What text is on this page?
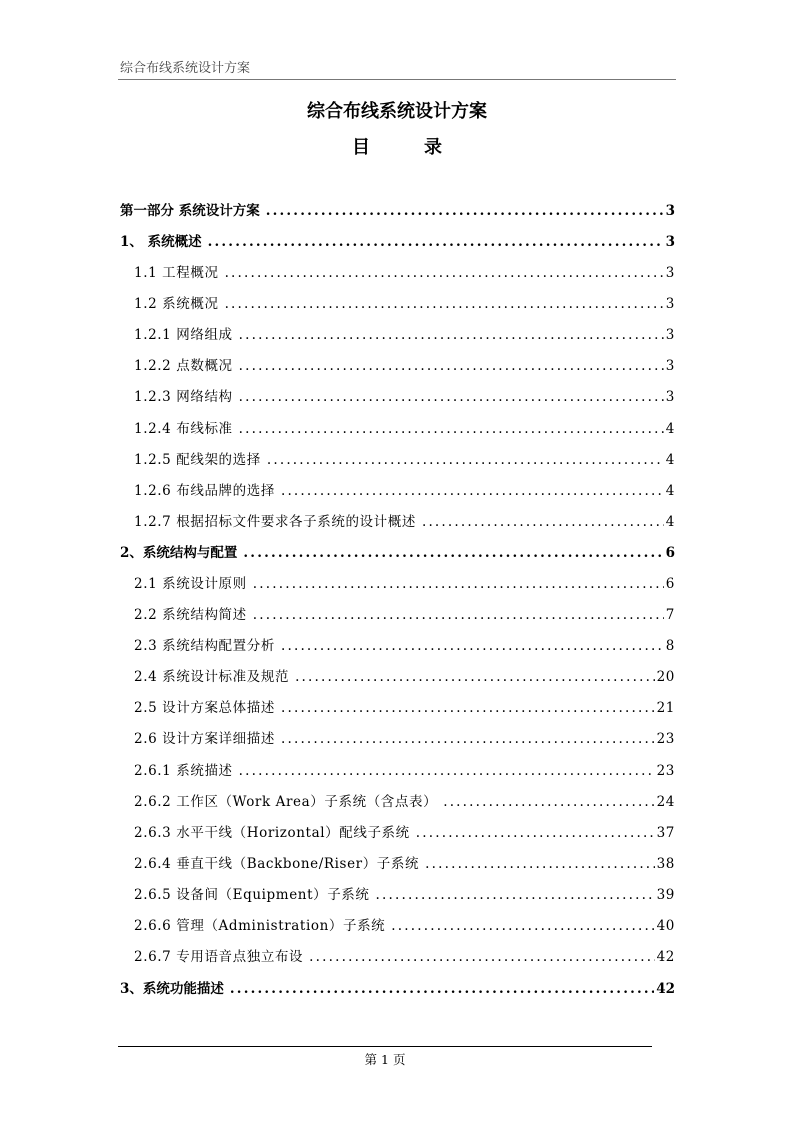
综合布线系统设计方案
综合布线系统设计方案
目录
第一部分 系统设计方案 .....	3
1、 系统概述 .....	3
1.1 工程概况 .....	3
1.2 系统概况 .....	3
1.2.1 网络组成 .....	3
1.2.2 点数概况 .....	3
1.2.3 网络结构 .....	3
1.2.4 布线标准 .....	4
1.2.5 配线架的选择 .....	4
1.2.6 布线品牌的选择 .....	4
1.2.7 根据招标文件要求各子系统的设计概述 .....	4
2、系统结构与配置 .....	6
2.1 系统设计原则 .....	6
2.2 系统结构简述 .....	7
2.3 系统结构配置分析 .....	8
2.4 系统设计标准及规范 .....	20
2.5 设计方案总体描述 .....	21
2.6 设计方案详细描述 .....	23
2.6.1 系统描述 .....	23
2.6.2 工作区（Work Area）子系统（含点表） .....	24
2.6.3 水平干线（Horizontal）配线子系统 .....	37
2.6.4 垂直干线（Backbone/Riser）子系统 .....	38
2.6.5 设备间（Equipment）子系统 .....	39
2.6.6 管理（Administration）子系统 .....	40
2.6.7 专用语音点独立布设 .....	42
3、系统功能描述 .....	42
第 1 页
